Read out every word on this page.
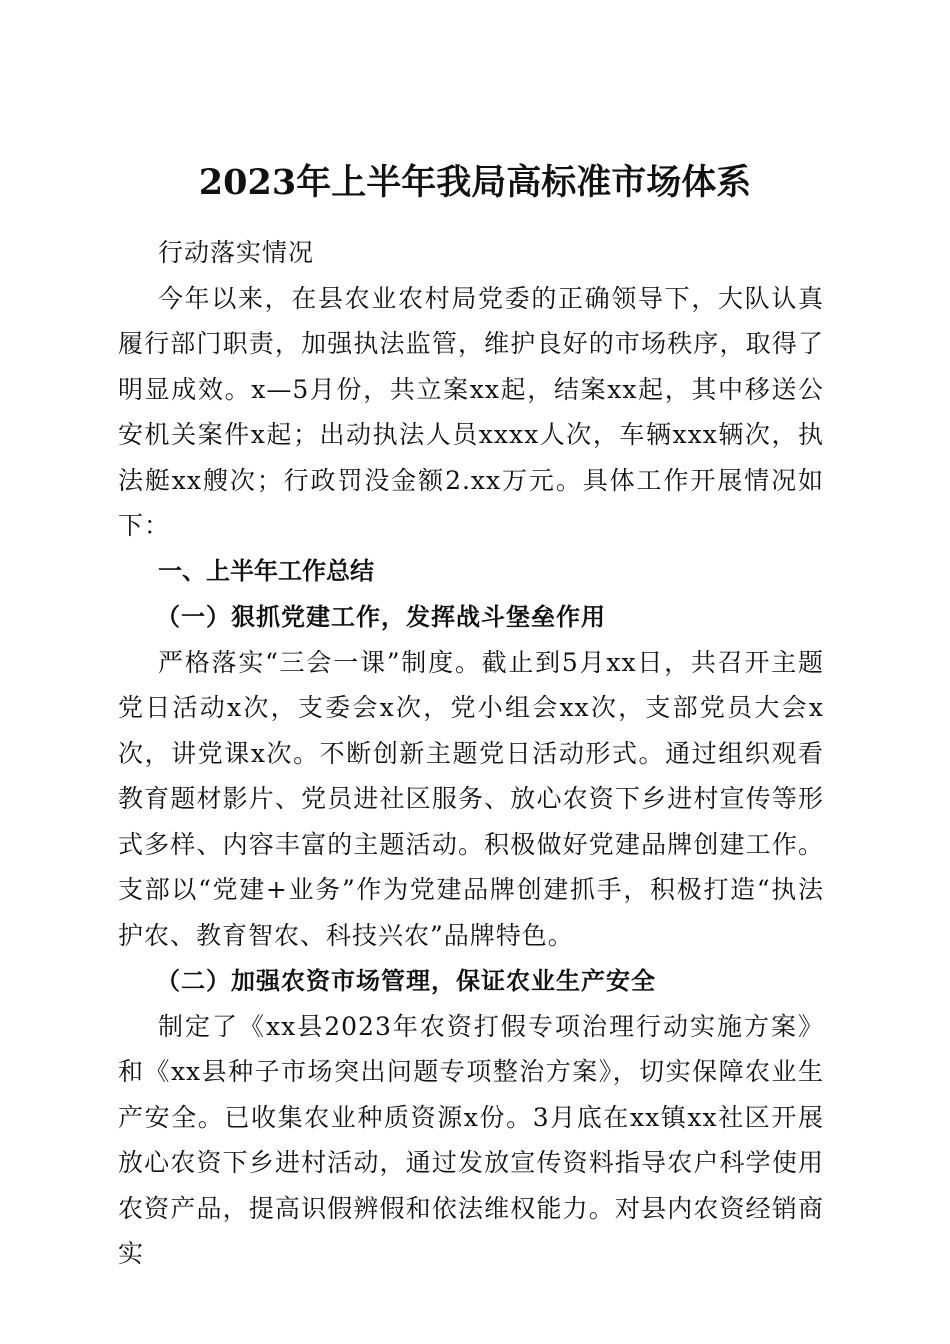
2023年上半年我局高标准市场体系

行动落实情况

今年以来，在县农业农村局党委的正确领导下，大队认真履行部门职责，加强执法监管，维护良好的市场秩序，取得了明显成效。x—5月份，共立案xx起，结案xx起，其中移送公安机关案件x起；出动执法人员xxxx人次，车辆xxx辆次，执法艇xx艘次；行政罚没金额2.xx万元。具体工作开展情况如下：

一、上半年工作总结

（一）狠抓党建工作，发挥战斗堡垒作用

严格落实“三会一课”制度。截止到5月xx日，共召开主题党日活动x次，支委会x次，党小组会xx次，支部党员大会x次，讲党课x次。不断创新主题党日活动形式。通过组织观看教育题材影片、党员进社区服务、放心农资下乡进村宣传等形式多样、内容丰富的主题活动。积极做好党建品牌创建工作。支部以“党建+业务”作为党建品牌创建抓手，积极打造“执法护农、教育智农、科技兴农”品牌特色。

（二）加强农资市场管理，保证农业生产安全

制定了《xx县2023年农资打假专项治理行动实施方案》和《xx县种子市场突出问题专项整治方案》，切实保障农业生产安全。已收集农业种质资源x份。3月底在xx镇xx社区开展放心农资下乡进村活动，通过发放宣传资料指导农户科学使用农资产品，提高识假辨假和依法维权能力。对县内农资经销商实
